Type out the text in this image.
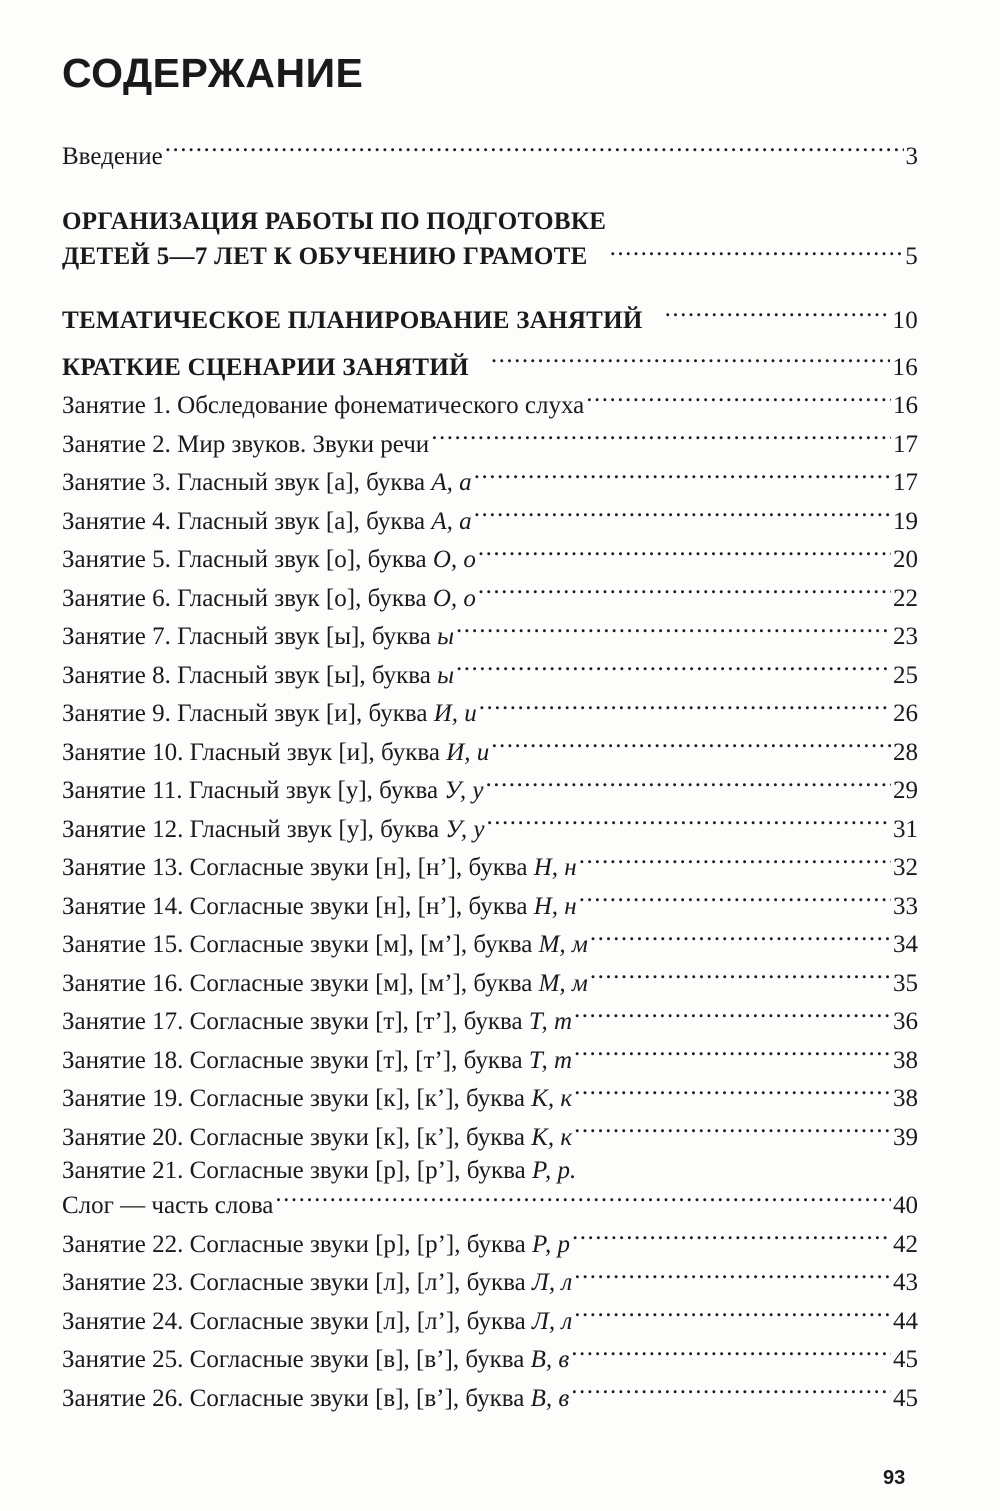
СОДЕРЖАНИЕ
Введение .....	3
ОРГАНИЗАЦИЯ РАБОТЫ ПО ПОДГОТОВКЕ
ДЕТЕЙ 5—7 ЛЕТ К ОБУЧЕНИЮ ГРАМОТЕ .....	5
ТЕМАТИЧЕСКОЕ ПЛАНИРОВАНИЕ ЗАНЯТИЙ .....	10
КРАТКИЕ СЦЕНАРИИ ЗАНЯТИЙ .....	16
Занятие 1. Обследование фонематического слуха .....	16
Занятие 2. Мир звуков. Звуки речи .....	17
Занятие 3. Гласный звук [а], буква А, а .....	17
Занятие 4. Гласный звук [а], буква А, а .....	19
Занятие 5. Гласный звук [о], буква О, о .....	20
Занятие 6. Гласный звук [о], буква О, о .....	22
Занятие 7. Гласный звук [ы], буква ы .....	23
Занятие 8. Гласный звук [ы], буква ы .....	25
Занятие 9. Гласный звук [и], буква И, и .....	26
Занятие 10. Гласный звук [и], буква И, и .....	28
Занятие 11. Гласный звук [у], буква У, у .....	29
Занятие 12. Гласный звук [у], буква У, у .....	31
Занятие 13. Согласные звуки [н], [н’], буква Н, н .....	32
Занятие 14. Согласные звуки [н], [н’], буква Н, н .....	33
Занятие 15. Согласные звуки [м], [м’], буква М, м .....	34
Занятие 16. Согласные звуки [м], [м’], буква М, м .....	35
Занятие 17. Согласные звуки [т], [т’], буква Т, т .....	36
Занятие 18. Согласные звуки [т], [т’], буква Т, т .....	38
Занятие 19. Согласные звуки [к], [к’], буква К, к .....	38
Занятие 20. Согласные звуки [к], [к’], буква К, к .....	39
Занятие 21. Согласные звуки [р], [р’], буква Р, р.
Слог — часть слова .....	40
Занятие 22. Согласные звуки [р], [р’], буква Р, р .....	42
Занятие 23. Согласные звуки [л], [л’], буква Л, л .....	43
Занятие 24. Согласные звуки [л], [л’], буква Л, л .....	44
Занятие 25. Согласные звуки [в], [в’], буква В, в .....	45
Занятие 26. Согласные звуки [в], [в’], буква В, в .....	45
93
